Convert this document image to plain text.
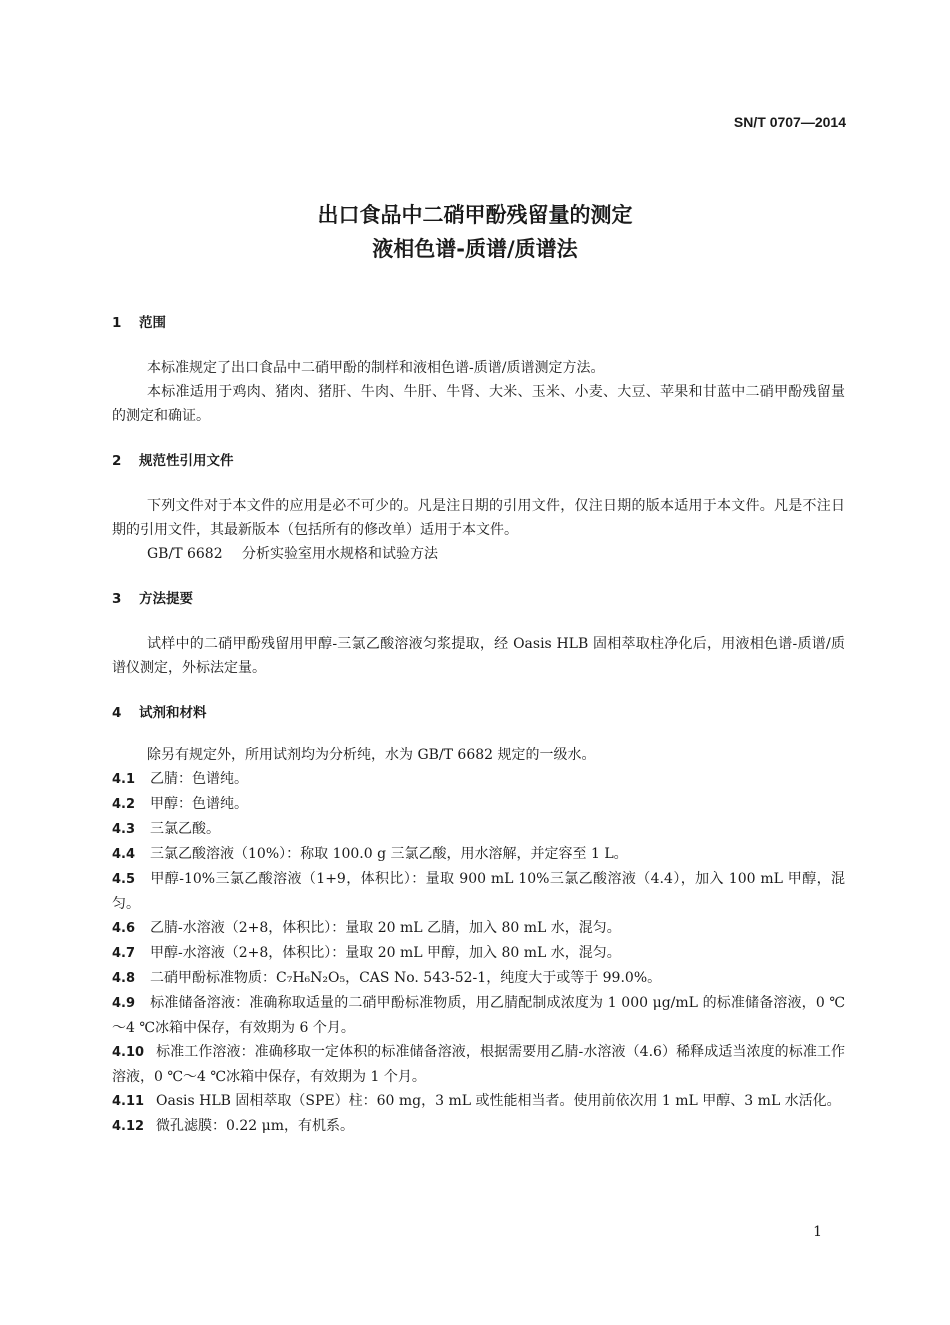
SN/T 0707—2014
出口食品中二硝甲酚残留量的测定
液相色谱-质谱/质谱法
1 范围

本标准规定了出口食品中二硝甲酚的制样和液相色谱-质谱/质谱测定方法。

本标准适用于鸡肉、猪肉、猪肝、牛肉、牛肝、牛肾、大米、玉米、小麦、大豆、苹果和甘蓝中二硝甲酚残留量的测定和确证。

2 规范性引用文件

下列文件对于本文件的应用是必不可少的。凡是注日期的引用文件，仅注日期的版本适用于本文件。凡是不注日期的引用文件，其最新版本（包括所有的修改单）适用于本文件。

GB/T 6682 分析实验室用水规格和试验方法

3 方法提要

试样中的二硝甲酚残留用甲醇-三氯乙酸溶液匀浆提取，经 Oasis HLB 固相萃取柱净化后，用液相色谱-质谱/质谱仪测定，外标法定量。

4 试剂和材料

除另有规定外，所用试剂均为分析纯，水为 GB/T 6682 规定的一级水。

4.1 乙腈：色谱纯。

4.2 甲醇：色谱纯。

4.3 三氯乙酸。

4.4 三氯乙酸溶液（10%）：称取 100.0 g 三氯乙酸，用水溶解，并定容至 1 L。

4.5 甲醇-10%三氯乙酸溶液（1+9，体积比）：量取 900 mL 10%三氯乙酸溶液（4.4），加入 100 mL 甲醇，混匀。

4.6 乙腈-水溶液（2+8，体积比）：量取 20 mL 乙腈，加入 80 mL 水，混匀。

4.7 甲醇-水溶液（2+8，体积比）：量取 20 mL 甲醇，加入 80 mL 水，混匀。

4.8 二硝甲酚标准物质：C₇H₆N₂O₅，CAS No. 543-52-1，纯度大于或等于 99.0%。

4.9 标准储备溶液：准确称取适量的二硝甲酚标准物质，用乙腈配制成浓度为 1 000 μg/mL 的标准储备溶液，0 ℃～4 ℃冰箱中保存，有效期为 6 个月。

4.10 标准工作溶液：准确移取一定体积的标准储备溶液，根据需要用乙腈-水溶液（4.6）稀释成适当浓度的标准工作溶液，0 ℃～4 ℃冰箱中保存，有效期为 1 个月。

4.11 Oasis HLB 固相萃取（SPE）柱：60 mg，3 mL 或性能相当者。使用前依次用 1 mL 甲醇、3 mL 水活化。

4.12 微孔滤膜：0.22 μm，有机系。

1
